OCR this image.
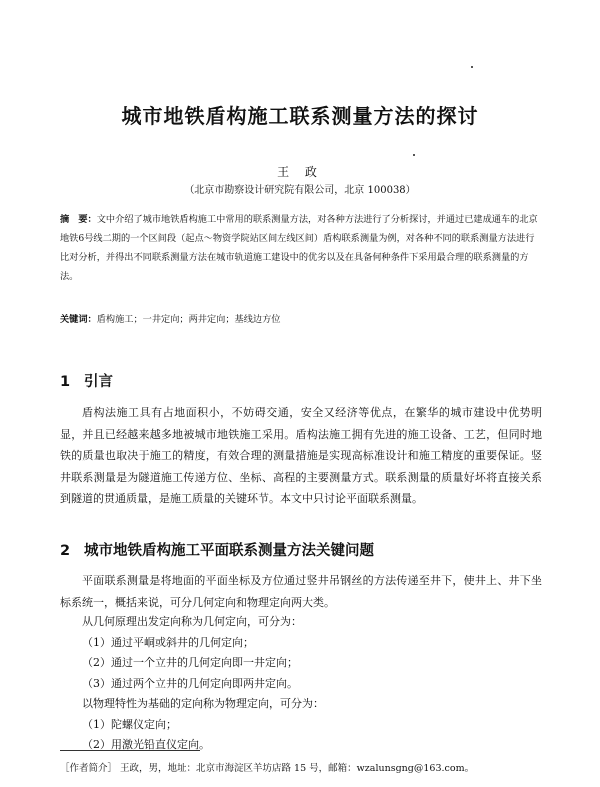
城市地铁盾构施工联系测量方法的探讨
王 政
（北京市勘察设计研究院有限公司，北京 100038）
摘　要：文中介绍了城市地铁盾构施工中常用的联系测量方法，对各种方法进行了分析探讨，并通过已建成通车的北京地铁6号线二期的一个区间段（起点～物资学院站区间左线区间）盾构联系测量为例，对各种不同的联系测量方法进行比对分析，并得出不同联系测量方法在城市轨道施工建设中的优劣以及在具备何种条件下采用最合理的联系测量的方法。
关键词：盾构施工；一井定向；两井定向；基线边方位
1 引言
盾构法施工具有占地面积小，不妨碍交通，安全又经济等优点，在繁华的城市建设中优势明显，并且已经越来越多地被城市地铁施工采用。盾构法施工拥有先进的施工设备、工艺，但同时地铁的质量也取决于施工的精度，有效合理的测量措施是实现高标准设计和施工精度的重要保证。竖井联系测量是为隧道施工传递方位、坐标、高程的主要测量方式。联系测量的质量好坏将直接关系到隧道的贯通质量，是施工质量的关键环节。本文中只讨论平面联系测量。
2 城市地铁盾构施工平面联系测量方法关键问题
平面联系测量是将地面的平面坐标及方位通过竖井吊钢丝的方法传递至井下，使井上、井下坐标系统一，概括来说，可分几何定向和物理定向两大类。
从几何原理出发定向称为几何定向，可分为：
（1）通过平峒或斜井的几何定向；
（2）通过一个立井的几何定向即一井定向；
（3）通过两个立井的几何定向即两井定向。
以物理特性为基础的定向称为物理定向，可分为：
（1）陀螺仪定向；
（2）用激光铅直仪定向。
［作者简介］ 王政，男，地址：北京市海淀区羊坊店路 15 号，邮箱：wzalunsgng@163.com。
